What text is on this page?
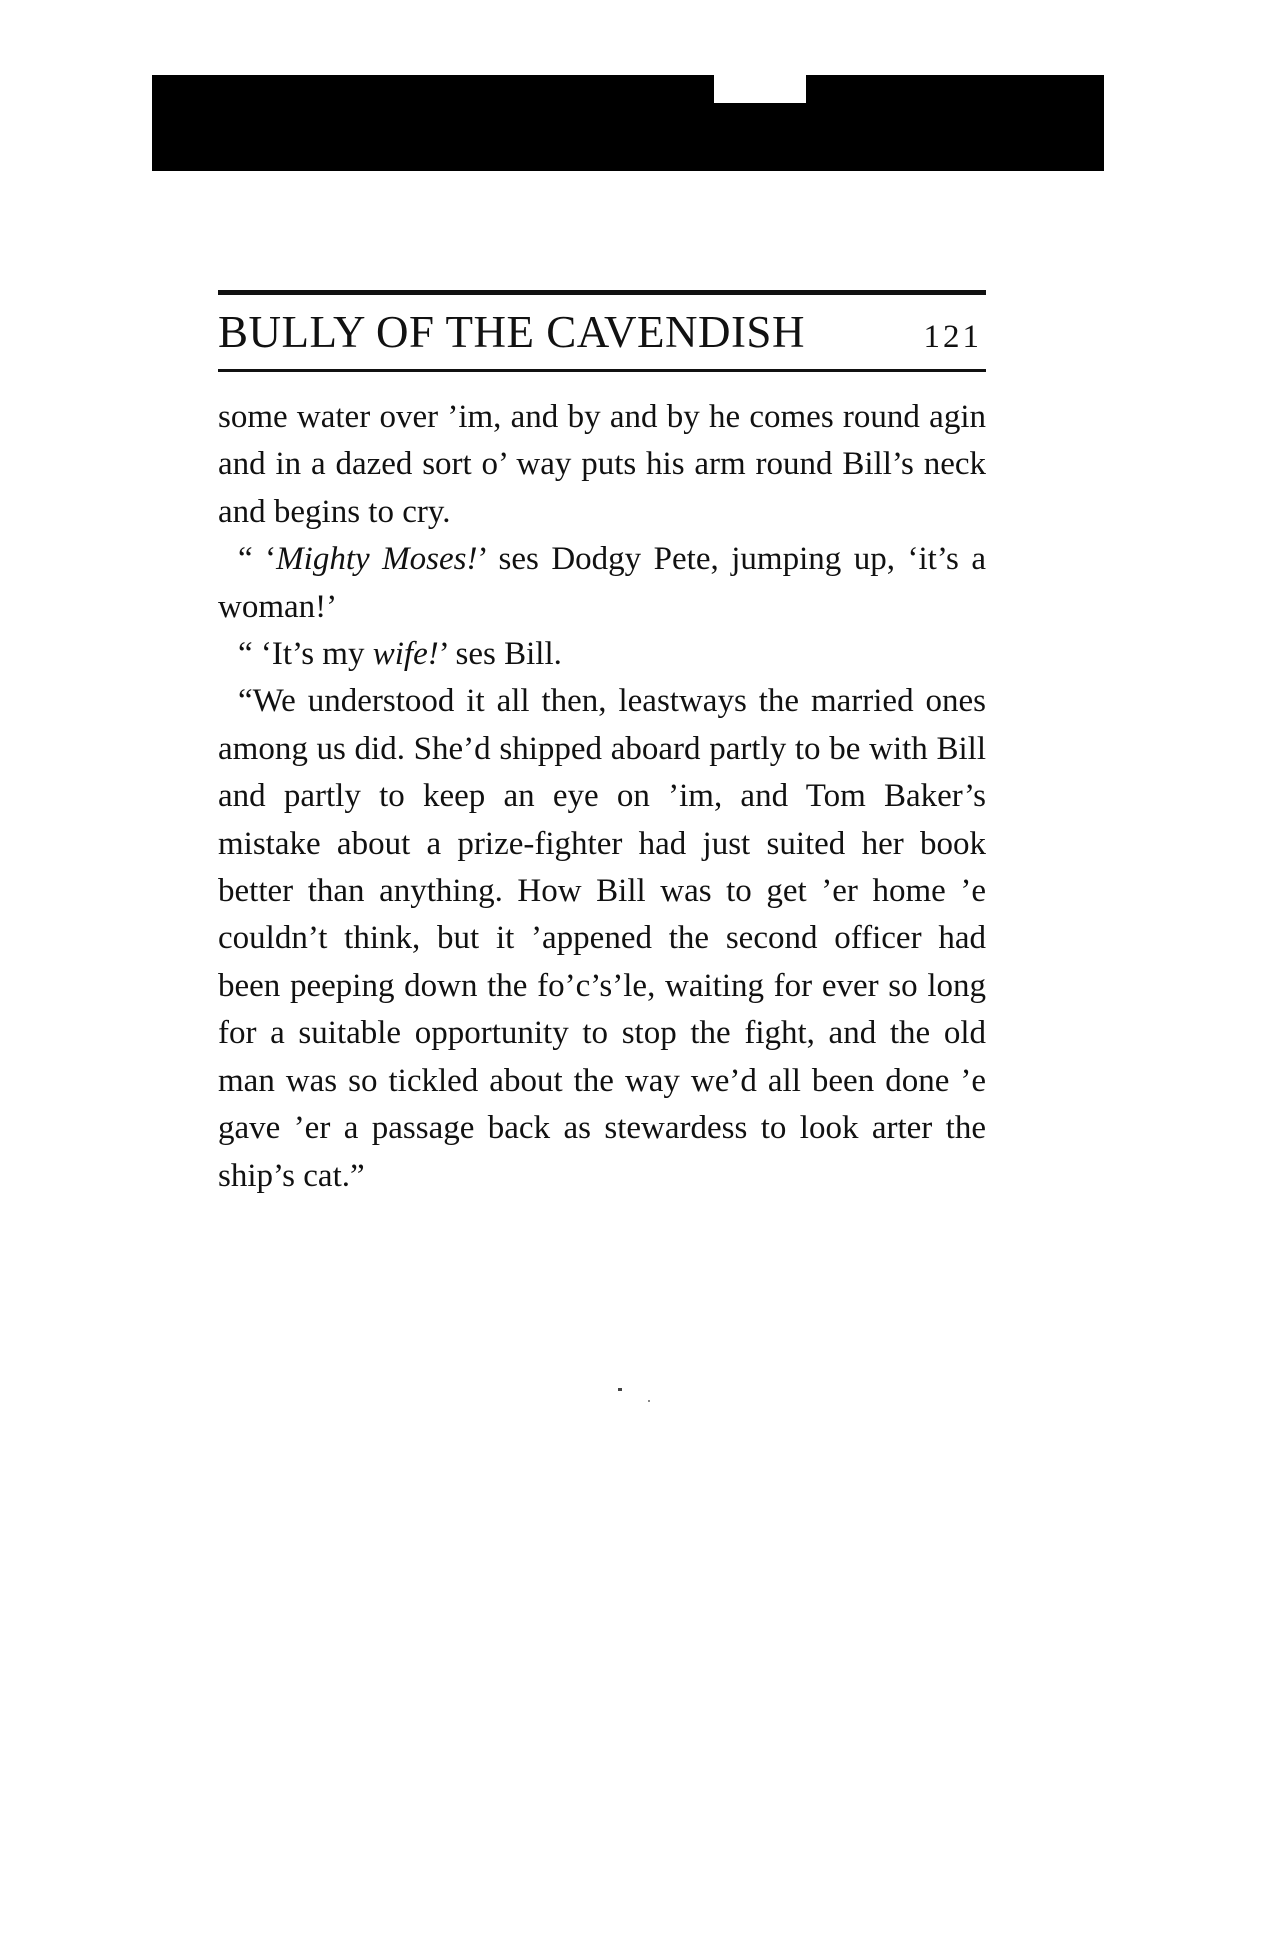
BULLY OF THE CAVENDISH	121

some water over ’im, and by and by he comes round agin and in a dazed sort o’ way puts his arm round Bill’s neck and begins to cry.

“ ‘Mighty Moses!’ ses Dodgy Pete, jumping up, ‘it’s a woman!’

“ ‘It’s my wife!’ ses Bill.

“We understood it all then, leastways the married ones among us did. She’d shipped aboard partly to be with Bill and partly to keep an eye on ’im, and Tom Baker’s mistake about a prize-fighter had just suited her book better than anything. How Bill was to get ’er home ’e couldn’t think, but it ’appened the second officer had been peeping down the fo’c’s’le, waiting for ever so long for a suitable opportunity to stop the fight, and the old man was so tickled about the way we’d all been done ’e gave ’er a passage back as stewardess to look arter the ship’s cat.”
